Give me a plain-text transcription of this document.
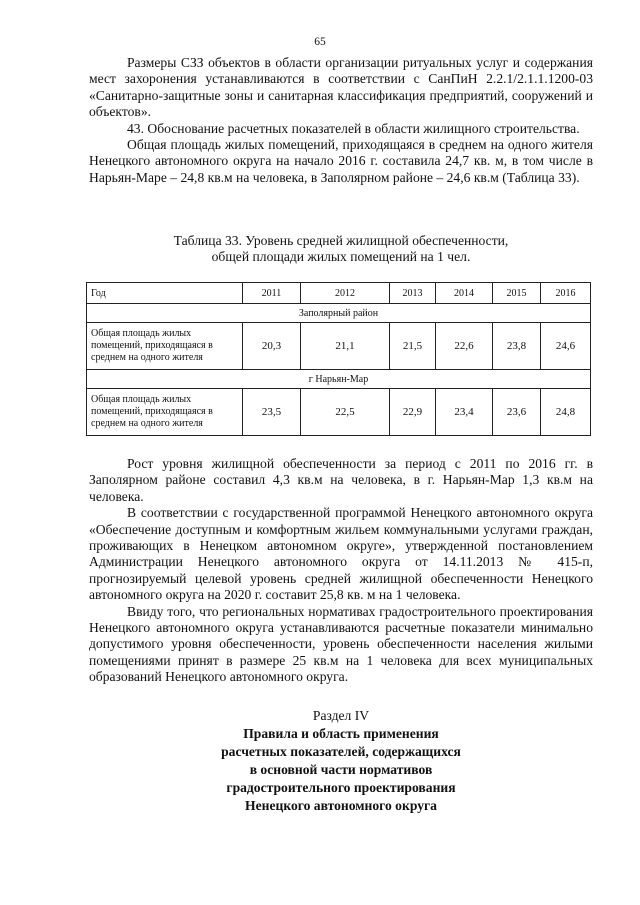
65

Размеры СЗЗ объектов в области организации ритуальных услуг и содержания мест захоронения устанавливаются в соответствии с СанПиН 2.2.1/2.1.1.1200-03 «Санитарно-защитные зоны и санитарная классификация предприятий, сооружений и объектов».

43. Обоснование расчетных показателей в области жилищного строительства.

Общая площадь жилых помещений, приходящаяся в среднем на одного жителя Ненецкого автономного округа на начало 2016 г. составила 24,7 кв. м, в том числе в Нарьян-Маре – 24,8 кв.м на человека, в Заполярном районе – 24,6 кв.м (Таблица 33).

Таблица 33. Уровень средней жилищной обеспеченности,
общей площади жилых помещений на 1 чел.
Год	2011	2012	2013	2014	2015	2016
Заполярный район						
Общая площадь жилых помещений, приходящаяся в среднем на одного жителя	20,3	21,1	21,5	22,6	23,8	24,6
г Нарьян-Мар						
Общая площадь жилых помещений, приходящаяся в среднем на одного жителя	23,5	22,5	22,9	23,4	23,6	24,8

Рост уровня жилищной обеспеченности за период с 2011 по 2016 гг. в Заполярном районе составил 4,3 кв.м на человека, в г. Нарьян-Мар 1,3 кв.м на человека.

В соответствии с государственной программой Ненецкого автономного округа «Обеспечение доступным и комфортным жильем коммунальными услугами граждан, проживающих в Ненецком автономном округе», утвержденной постановлением Администрации Ненецкого автономного округа от 14.11.2013 № 415-п, прогнозируемый целевой уровень средней жилищной обеспеченности Ненецкого автономного округа на 2020 г. составит 25,8 кв. м на 1 человека.

Ввиду того, что региональных нормативах градостроительного проектирования Ненецкого автономного округа устанавливаются расчетные показатели минимально допустимого уровня обеспеченности, уровень обеспеченности населения жилыми помещениями принят в размере 25 кв.м на 1 человека для всех муниципальных образований Ненецкого автономного округа.

Раздел IV
Правила и область применения
расчетных показателей, содержащихся
в основной части нормативов
градостроительного проектирования
Ненецкого автономного округа
